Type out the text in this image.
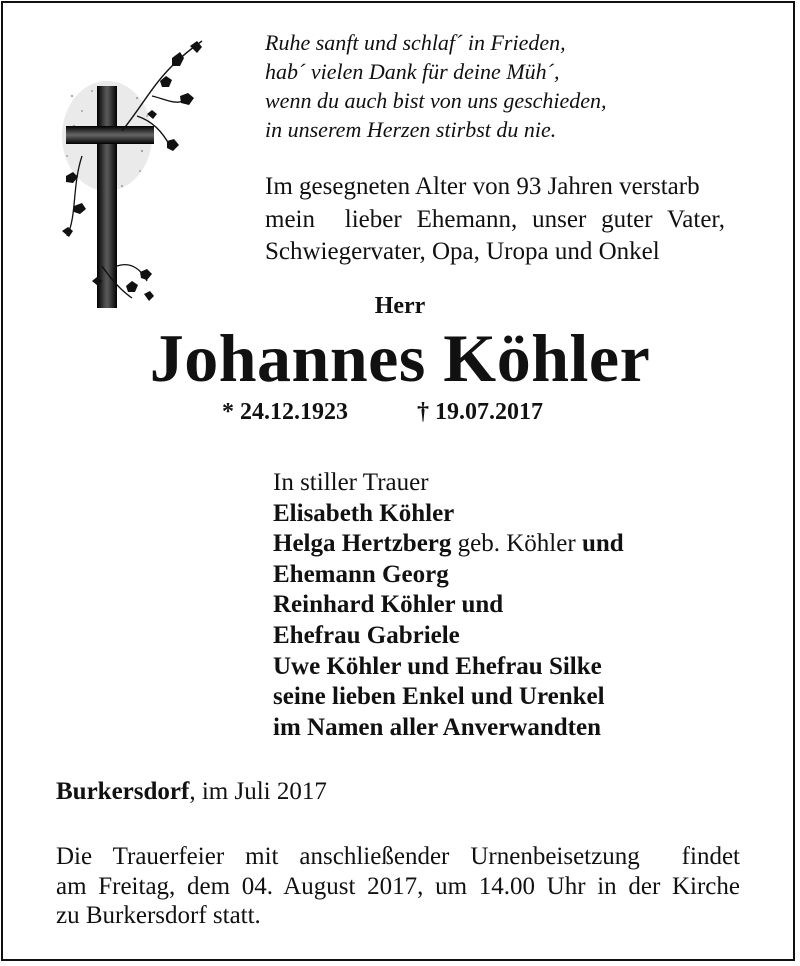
Ruhe sanft und schlaf´ in Frieden,
hab´ vielen Dank für deine Müh´,
wenn du auch bist von uns geschieden,
in unserem Herzen stirbst du nie.
Im gesegneten Alter von 93 Jahren verstarb
mein  lieber Ehemann, unser guter Vater,
Schwiegervater, Opa, Uropa und Onkel
Herr
Johannes Köhler
* 24.12.1923	† 19.07.2017
In stiller Trauer
Elisabeth Köhler
Helga Hertzberg geb. Köhler und
Ehemann Georg
Reinhard Köhler und
Ehefrau Gabriele
Uwe Köhler und Ehefrau Silke
seine lieben Enkel und Urenkel
im Namen aller Anverwandten
Burkersdorf, im Juli 2017
Die Trauerfeier mit anschließender Urnenbeisetzung  findet
am Freitag, dem 04. August 2017, um 14.00 Uhr in der Kirche
zu Burkersdorf statt.
